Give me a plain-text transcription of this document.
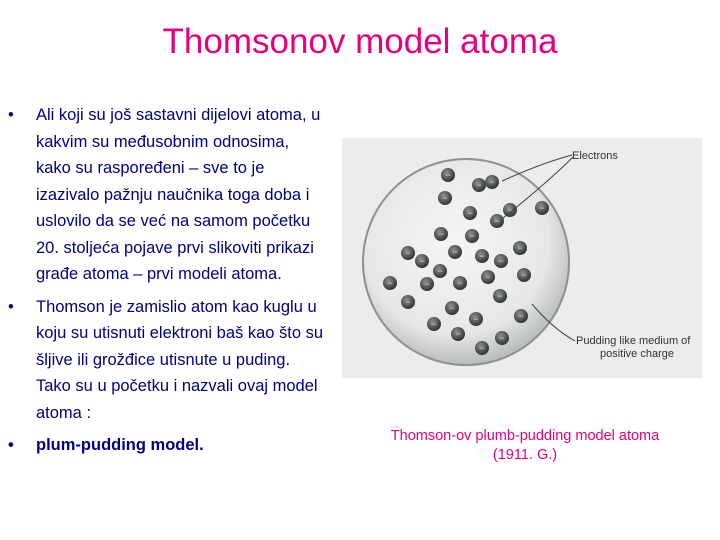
Thomsonov model atoma
• Ali koji su još sastavni dijelovi atoma, u kakvim su međusobnim odnosima, kako su raspoređeni – sve to je izazivalo pažnju naučnika toga doba i uslovilo da se već na samom početku 20. stoljeća pojave prvi slikoviti prikazi građe atoma – prvi modeli atoma.
• Thomson je zamislio atom kao kuglu u koju su utisnuti elektroni baš kao što su šljive ili grožđice utisnute u puding. Tako su u početku i nazvali ovaj model atoma :
• plum-pudding model.
−
−
−
−
−
−
−
−
−
−	−
−
− −
−
−	−	−
−	−
−
−
−
−
−
−
−
−
−
−
−
Electrons
Pudding like medium of
positive charge
Thomson-ov plumb-pudding model atoma
(1911. G.)
